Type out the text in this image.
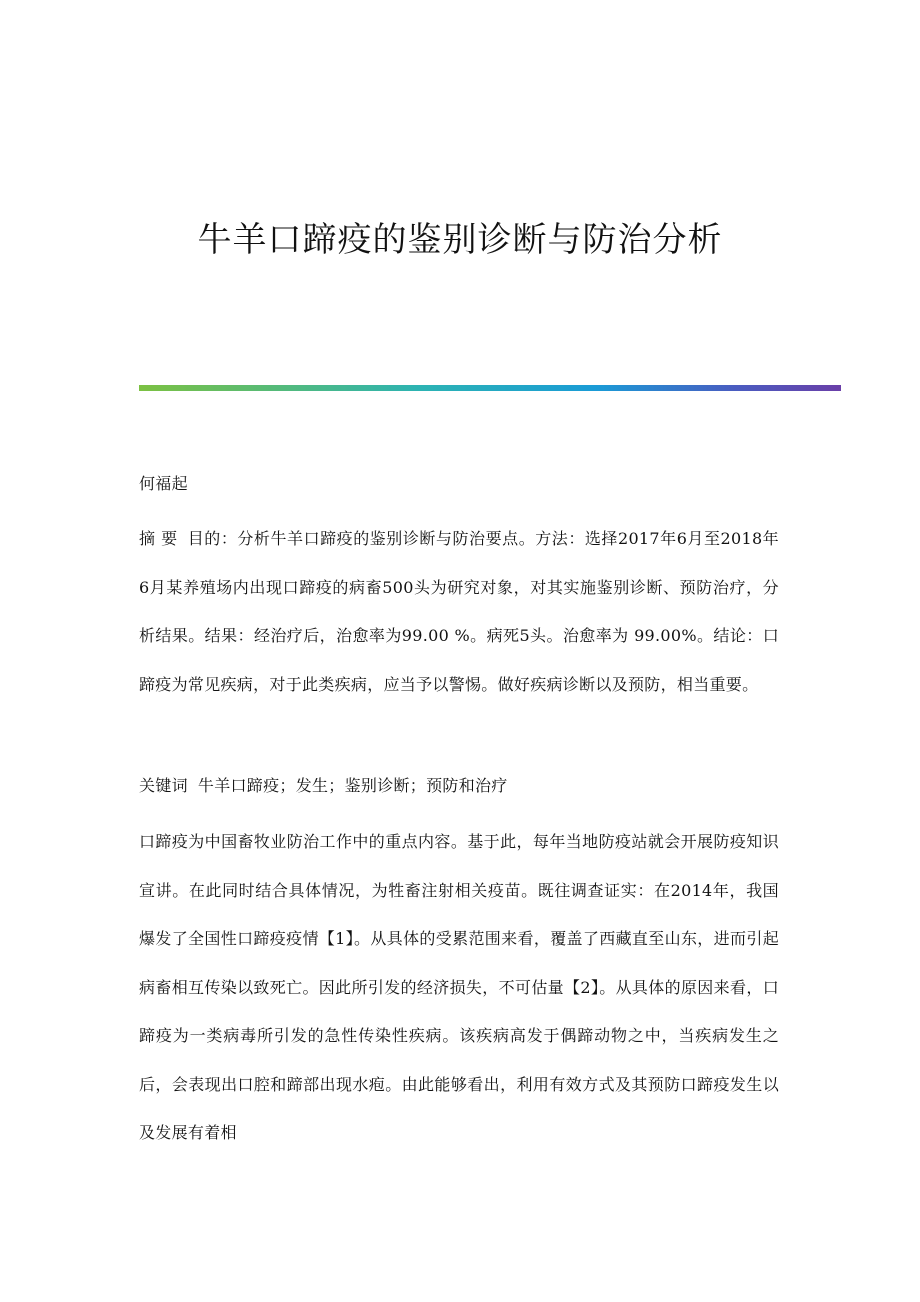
牛羊口蹄疫的鉴别诊断与防治分析

何福起

摘 要 目的：分析牛羊口蹄疫的鉴别诊断与防治要点。方法：选择2017年6月至2018年6月某养殖场内出现口蹄疫的病畜500头为研究对象，对其实施鉴别诊断、预防治疗，分析结果。结果：经治疗后，治愈率为99.00 %。病死5头。治愈率为 99.00%。结论：口蹄疫为常见疾病，对于此类疾病，应当予以警惕。做好疾病诊断以及预防，相当重要。

关键词 牛羊口蹄疫；发生；鉴别诊断；预防和治疗

口蹄疫为中国畜牧业防治工作中的重点内容。基于此，每年当地防疫站就会开展防疫知识宣讲。在此同时结合具体情况，为牲畜注射相关疫苗。既往调查证实：在2014年，我国爆发了全国性口蹄疫疫情【1】。从具体的受累范围来看，覆盖了西藏直至山东，进而引起病畜相互传染以致死亡。因此所引发的经济损失，不可估量【2】。从具体的原因来看，口蹄疫为一类病毒所引发的急性传染性疾病。该疾病高发于偶蹄动物之中，当疾病发生之后，会表现出口腔和蹄部出现水疱。由此能够看出，利用有效方式及其预防口蹄疫发生以及发展有着相
